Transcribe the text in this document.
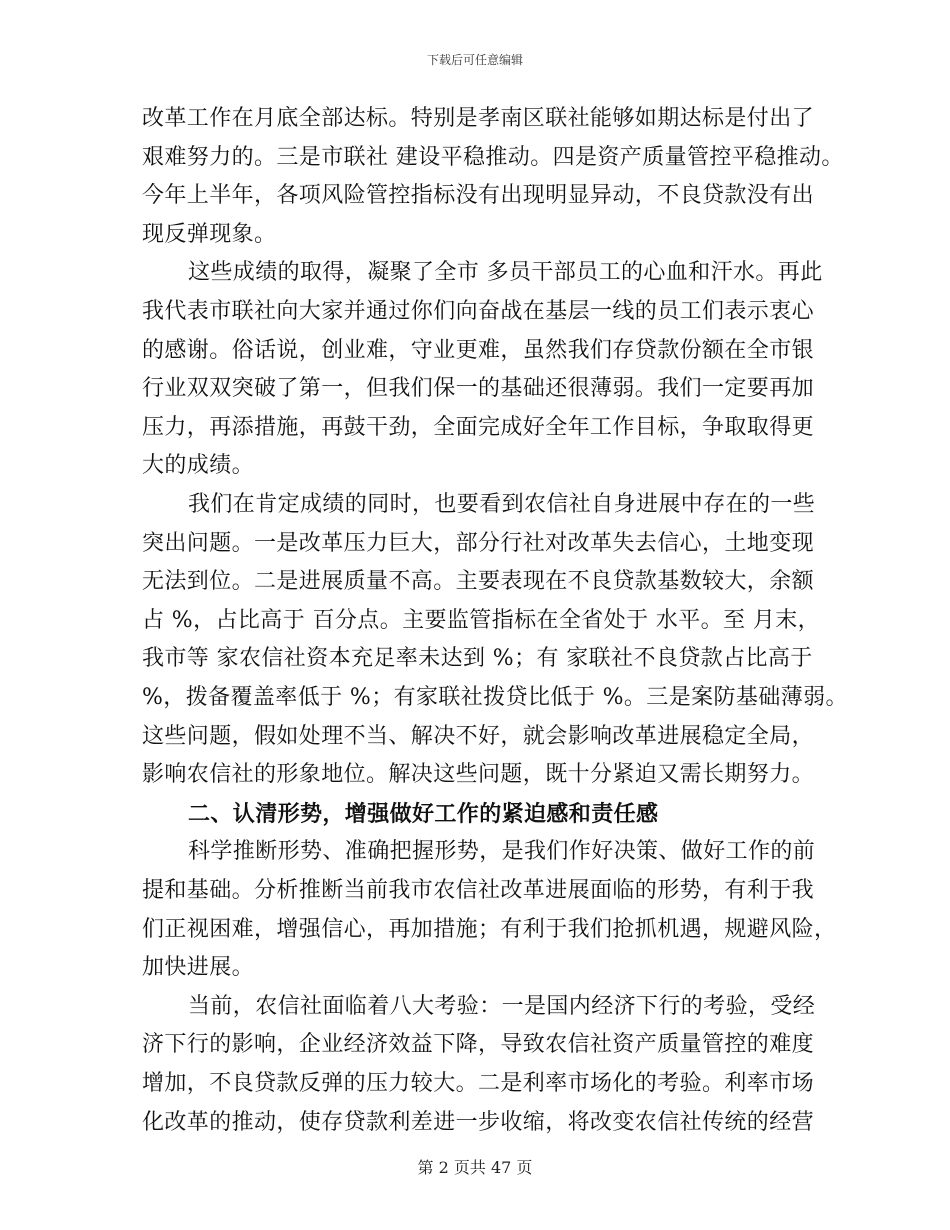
下载后可任意编辑
改革工作在月底全部达标。特别是孝南区联社能够如期达标是付出了
艰难努力的。三是市联社 建设平稳推动。四是资产质量管控平稳推动。
今年上半年，各项风险管控指标没有出现明显异动，不良贷款没有出
现反弹现象。
这些成绩的取得，凝聚了全市 多员干部员工的心血和汗水。再此
我代表市联社向大家并通过你们向奋战在基层一线的员工们表示衷心
的感谢。俗话说，创业难，守业更难，虽然我们存贷款份额在全市银
行业双双突破了第一，但我们保一的基础还很薄弱。我们一定要再加
压力，再添措施，再鼓干劲，全面完成好全年工作目标，争取取得更
大的成绩。
我们在肯定成绩的同时，也要看到农信社自身进展中存在的一些
突出问题。一是改革压力巨大，部分行社对改革失去信心，土地变现
无法到位。二是进展质量不高。主要表现在不良贷款基数较大，余额
占 %，占比高于 百分点。主要监管指标在全省处于 水平。至 月末，
我市等 家农信社资本充足率未达到 %；有 家联社不良贷款占比高于
%，拨备覆盖率低于 %；有家联社拨贷比低于 %。三是案防基础薄弱。
这些问题，假如处理不当、解决不好，就会影响改革进展稳定全局，
影响农信社的形象地位。解决这些问题，既十分紧迫又需长期努力。
二、认清形势，增强做好工作的紧迫感和责任感
科学推断形势、准确把握形势，是我们作好决策、做好工作的前
提和基础。分析推断当前我市农信社改革进展面临的形势，有利于我
们正视困难，增强信心，再加措施；有利于我们抢抓机遇，规避风险，
加快进展。
当前，农信社面临着八大考验：一是国内经济下行的考验，受经
济下行的影响，企业经济效益下降，导致农信社资产质量管控的难度
增加，不良贷款反弹的压力较大。二是利率市场化的考验。利率市场
化改革的推动，使存贷款利差进一步收缩，将改变农信社传统的经营
第 2 页共 47 页
